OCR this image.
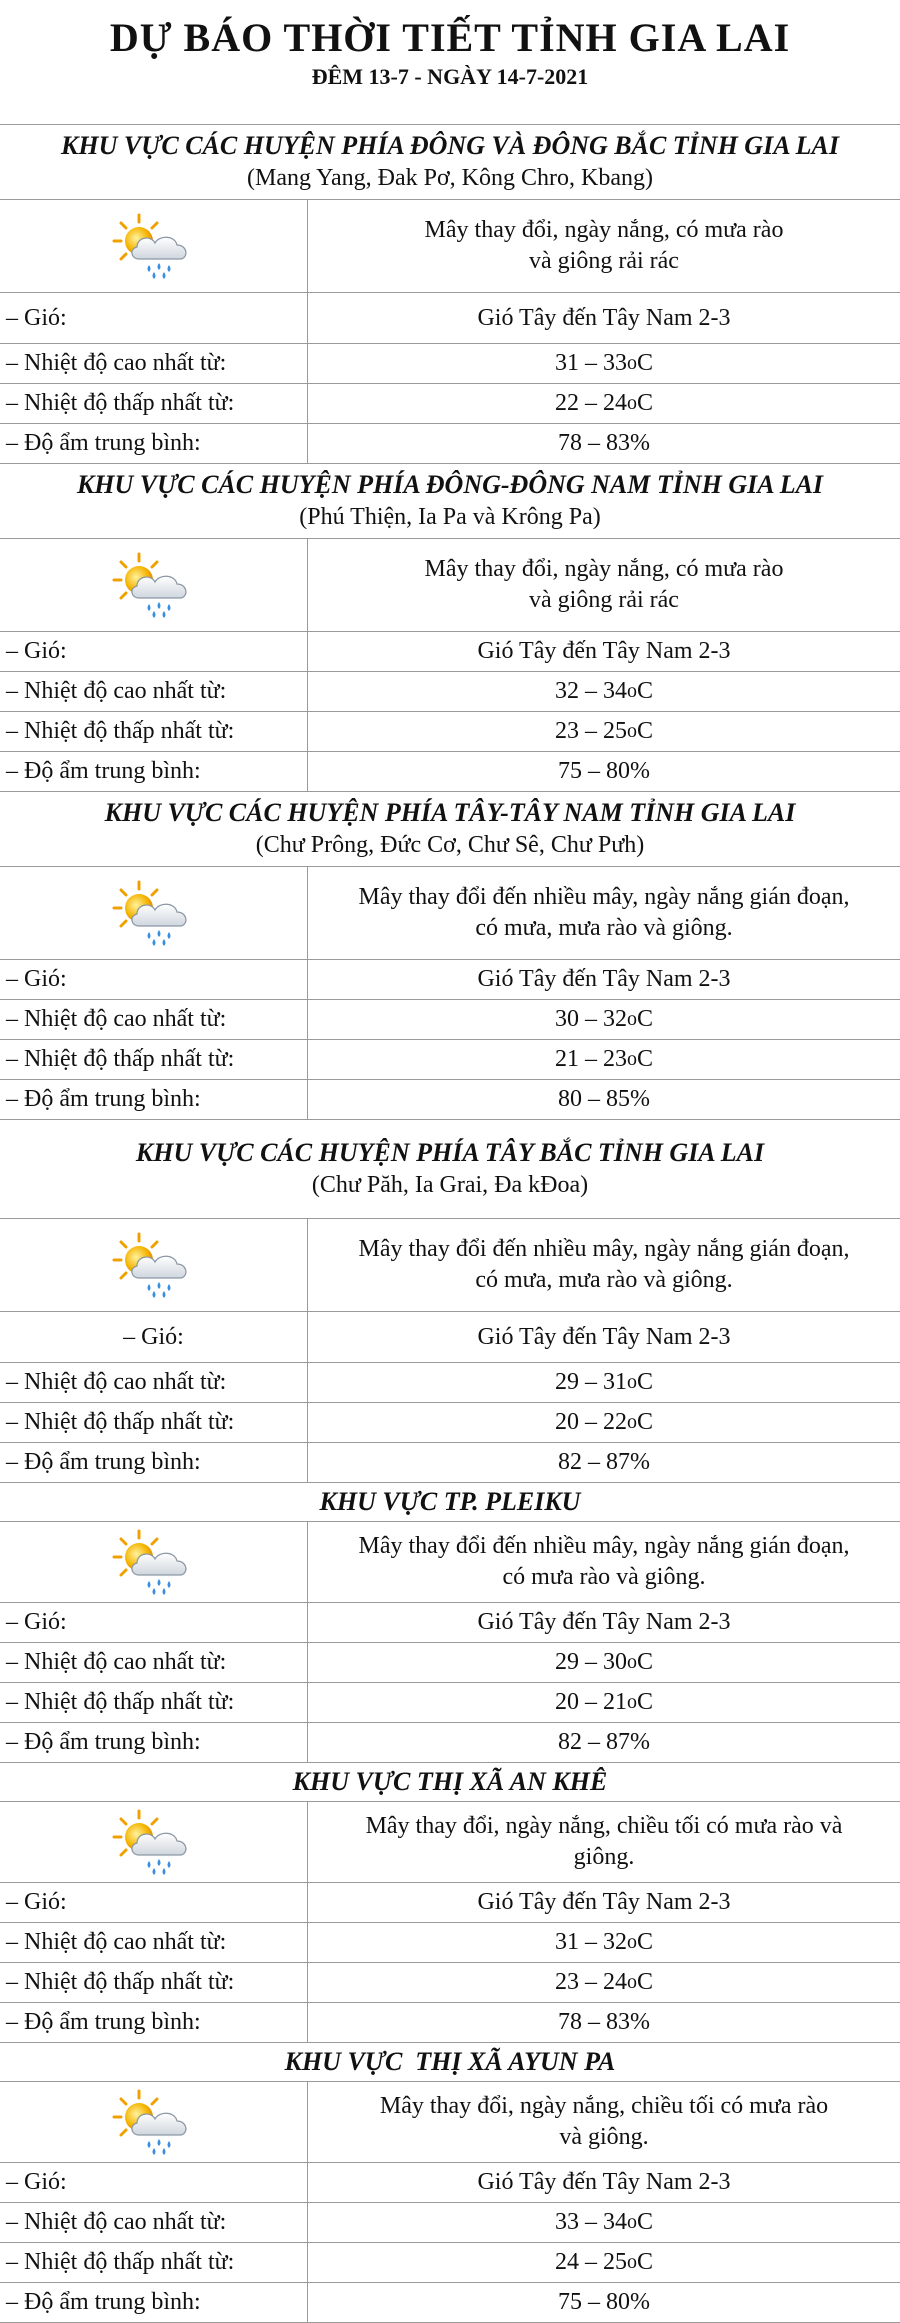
DỰ BÁO THỜI TIẾT TỈNH GIA LAI
ĐÊM 13-7 - NGÀY 14-7-2021
KHU VỰC CÁC HUYỆN PHÍA ĐÔNG VÀ ĐÔNG BẮC TỈNH GIA LAI
(Mang Yang, Đak Pơ, Kông Chro, Kbang)
Mây thay đổi, ngày nắng, có mưa rào
và giông rải rác
– Gió:	Gió Tây đến Tây Nam 2-3
– Nhiệt độ cao nhất từ:	31 – 33 o C
– Nhiệt độ thấp nhất từ:	22 – 24 o C
– Độ ẩm trung bình:	78 – 83%
KHU VỰC CÁC HUYỆN PHÍA ĐÔNG-ĐÔNG NAM TỈNH GIA LAI
(Phú Thiện, Ia Pa và Krông Pa)
Mây thay đổi, ngày nắng, có mưa rào
và giông rải rác
– Gió:	Gió Tây đến Tây Nam 2-3
– Nhiệt độ cao nhất từ:	32 – 34 o C
– Nhiệt độ thấp nhất từ:	23 – 25 o C
– Độ ẩm trung bình:	75 – 80%
KHU VỰC CÁC HUYỆN PHÍA TÂY-TÂY NAM TỈNH GIA LAI
(Chư Prông, Đức Cơ, Chư Sê, Chư Pưh)
Mây thay đổi đến nhiều mây, ngày nắng gián đoạn,
có mưa, mưa rào và giông.
– Gió:	Gió Tây đến Tây Nam 2-3
– Nhiệt độ cao nhất từ:	30 – 32 o C
– Nhiệt độ thấp nhất từ:	21 – 23 o C
– Độ ẩm trung bình:	80 – 85%
KHU VỰC CÁC HUYỆN PHÍA TÂY BẮC TỈNH GIA LAI
(Chư Păh, Ia Grai, Đa kĐoa)
Mây thay đổi đến nhiều mây, ngày nắng gián đoạn,
có mưa, mưa rào và giông.
– Gió:	Gió Tây đến Tây Nam 2-3
– Nhiệt độ cao nhất từ:	29 – 31 o C
– Nhiệt độ thấp nhất từ:	20 – 22 o C
– Độ ẩm trung bình:	82 – 87%
KHU VỰC TP. PLEIKU
Mây thay đổi đến nhiều mây, ngày nắng gián đoạn,
có mưa rào và giông.
– Gió:	Gió Tây đến Tây Nam 2-3
– Nhiệt độ cao nhất từ:	29 – 30 o C
– Nhiệt độ thấp nhất từ:	20 – 21 o C
– Độ ẩm trung bình:	82 – 87%
KHU VỰC THỊ XÃ AN KHÊ
Mây thay đổi, ngày nắng, chiều tối có mưa rào và
giông.
– Gió:	Gió Tây đến Tây Nam 2-3
– Nhiệt độ cao nhất từ:	31 – 32 o C
– Nhiệt độ thấp nhất từ:	23 – 24 o C
– Độ ẩm trung bình:	78 – 83%
KHU VỰC  THỊ XÃ AYUN PA
Mây thay đổi, ngày nắng, chiều tối có mưa rào
và giông.
– Gió:	Gió Tây đến Tây Nam 2-3
– Nhiệt độ cao nhất từ:	33 – 34 o C
– Nhiệt độ thấp nhất từ:	24 – 25 o C
– Độ ẩm trung bình:	75 – 80%
